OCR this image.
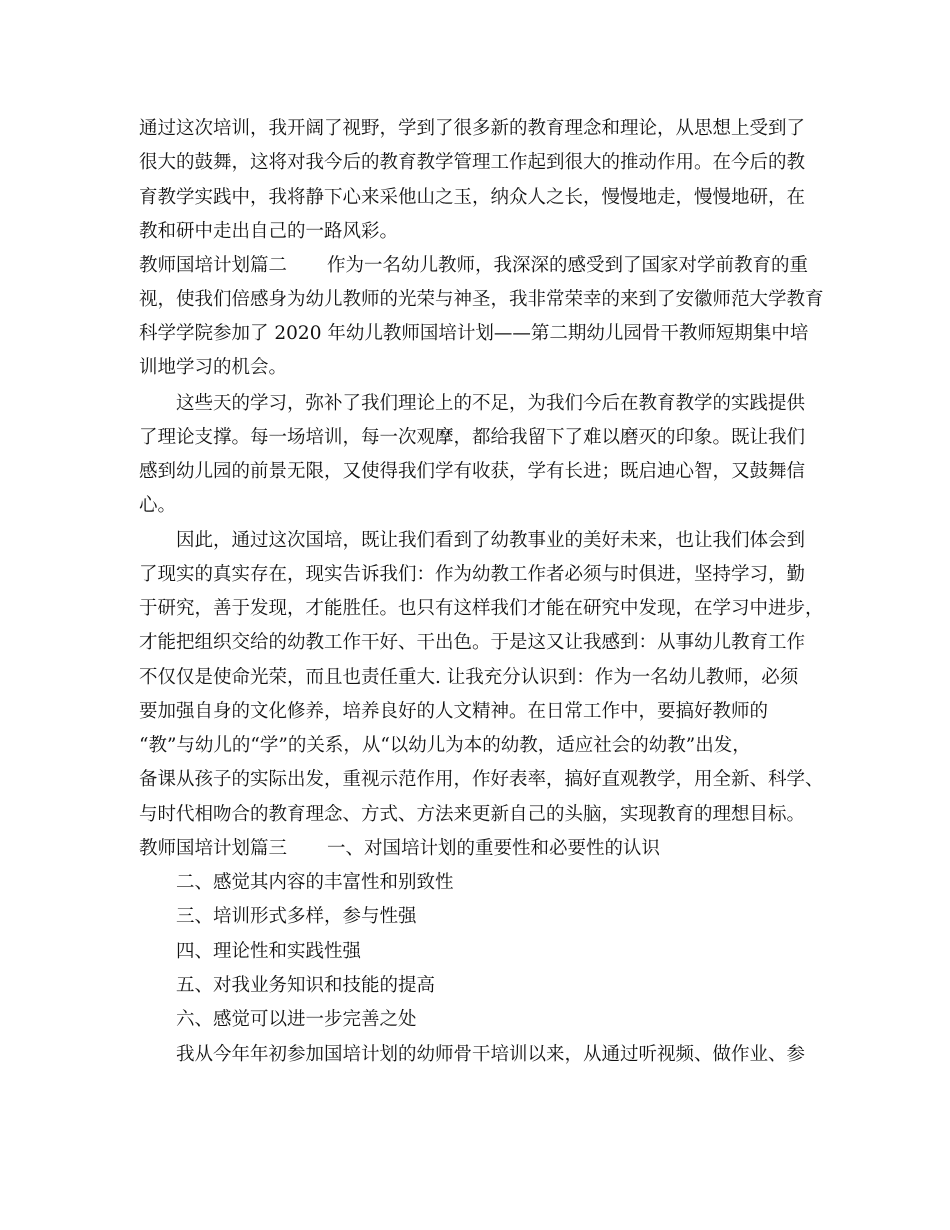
通过这次培训，我开阔了视野，学到了很多新的教育理念和理论，从思想上受到了
很大的鼓舞，这将对我今后的教育教学管理工作起到很大的推动作用。在今后的教
育教学实践中，我将静下心来采他山之玉，纳众人之长，慢慢地走，慢慢地研，在
教和研中走出自己的一路风彩。
教师国培计划篇二 作为一名幼儿教师，我深深的感受到了国家对学前教育的重
视，使我们倍感身为幼儿教师的光荣与神圣，我非常荣幸的来到了安徽师范大学教育
科学学院参加了 2020 年幼儿教师国培计划——第二期幼儿园骨干教师短期集中培
训地学习的机会。
这些天的学习，弥补了我们理论上的不足，为我们今后在教育教学的实践提供
了理论支撑。每一场培训，每一次观摩，都给我留下了难以磨灭的印象。既让我们
感到幼儿园的前景无限，又使得我们学有收获，学有长进；既启迪心智，又鼓舞信
心。
因此，通过这次国培，既让我们看到了幼教事业的美好未来，也让我们体会到
了现实的真实存在，现实告诉我们：作为幼教工作者必须与时俱进，坚持学习，勤
于研究，善于发现，才能胜任。也只有这样我们才能在研究中发现，在学习中进步，
才能把组织交给的幼教工作干好、干出色。于是这又让我感到：从事幼儿教育工作
不仅仅是使命光荣，而且也责任重大. 让我充分认识到：作为一名幼儿教师，必须
要加强自身的文化修养，培养良好的人文精神。在日常工作中，要搞好教师的
“教”与幼儿的“学”的关系，从“以幼儿为本的幼教，适应社会的幼教”出发，
备课从孩子的实际出发，重视示范作用，作好表率，搞好直观教学，用全新、科学、
与时代相吻合的教育理念、方式、方法来更新自己的头脑，实现教育的理想目标。
教师国培计划篇三 一、对国培计划的重要性和必要性的认识
二、感觉其内容的丰富性和别致性
三、培训形式多样，参与性强
四、理论性和实践性强
五、对我业务知识和技能的提高
六、感觉可以进一步完善之处
我从今年年初参加国培计划的幼师骨干培训以来，从通过听视频、做作业、参
